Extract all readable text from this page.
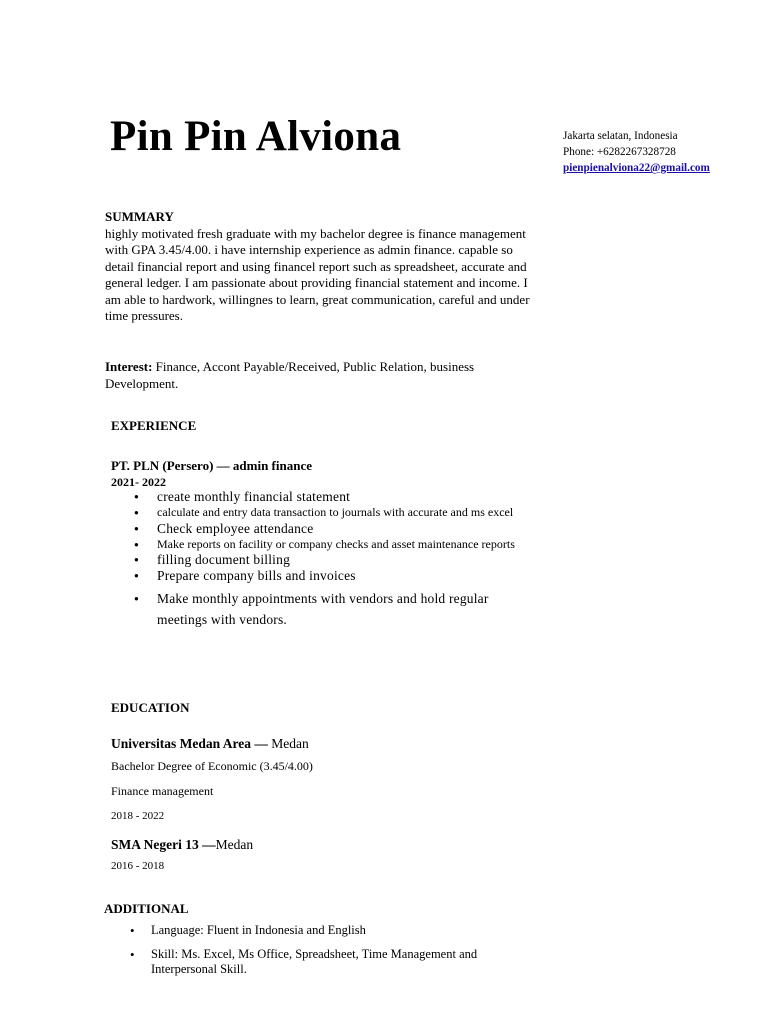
Pin Pin Alviona	Jakarta selatan, Indonesia
Phone: +6282267328728
pienpienalviona22@gmail.com
SUMMARY
highly motivated fresh graduate with my bachelor degree is finance management with GPA 3.45/4.00. i have internship experience as admin finance. capable so detail financial report and using financel report such as spreadsheet, accurate and general ledger. I am passionate about providing financial statement and income. I am able to hardwork, willingnes to learn, great communication, careful and under time pressures.
Interest: Finance, Accont Payable/Received, Public Relation, business Development.
EXPERIENCE
PT. PLN (Persero) — admin finance
2021- 2022
● create monthly financial statement
● calculate and entry data transaction to journals with accurate and ms excel
● Check employee attendance
● Make reports on facility or company checks and asset maintenance reports
● filling document billing
● Prepare company bills and invoices
● Make monthly appointments with vendors and hold regular meetings with vendors.
EDUCATION
Universitas Medan Area — Medan
Bachelor Degree of Economic (3.45/4.00)
Finance management
2018 - 2022
SMA Negeri 13 —Medan
2016 - 2018
ADDITIONAL
• Language: Fluent in Indonesia and English
• Skill: Ms. Excel, Ms Office, Spreadsheet, Time Management and Interpersonal Skill.
